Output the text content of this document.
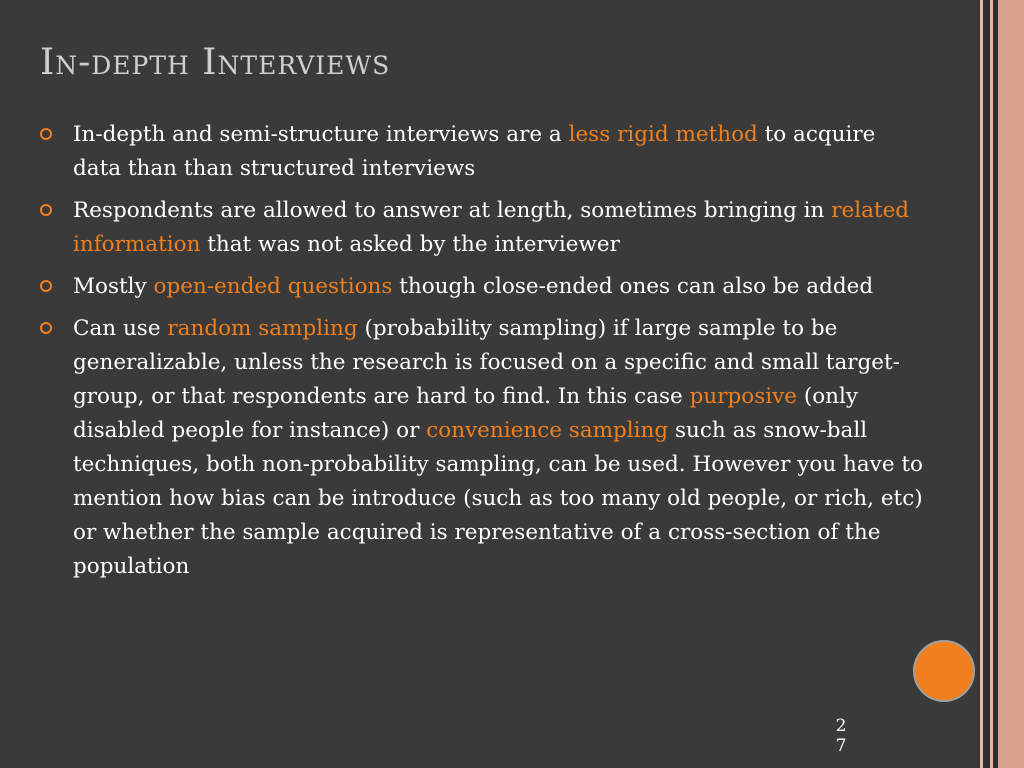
In-depth Interviews
In-depth and semi-structure interviews are a less rigid method to acquire data than than structured interviews
Respondents are allowed to answer at length, sometimes bringing in related information that was not asked by the interviewer
Mostly open-ended questions though close-ended ones can also be added
Can use random sampling (probability sampling) if large sample to be generalizable, unless the research is focused on a specific and small target-group, or that respondents are hard to find. In this case purposive (only disabled people for instance) or convenience sampling such as snow-ball techniques, both non-probability sampling, can be used. However you have to mention how bias can be introduce (such as too many old people, or rich, etc) or whether the sample acquired is representative of a cross-section of the population
2
7
